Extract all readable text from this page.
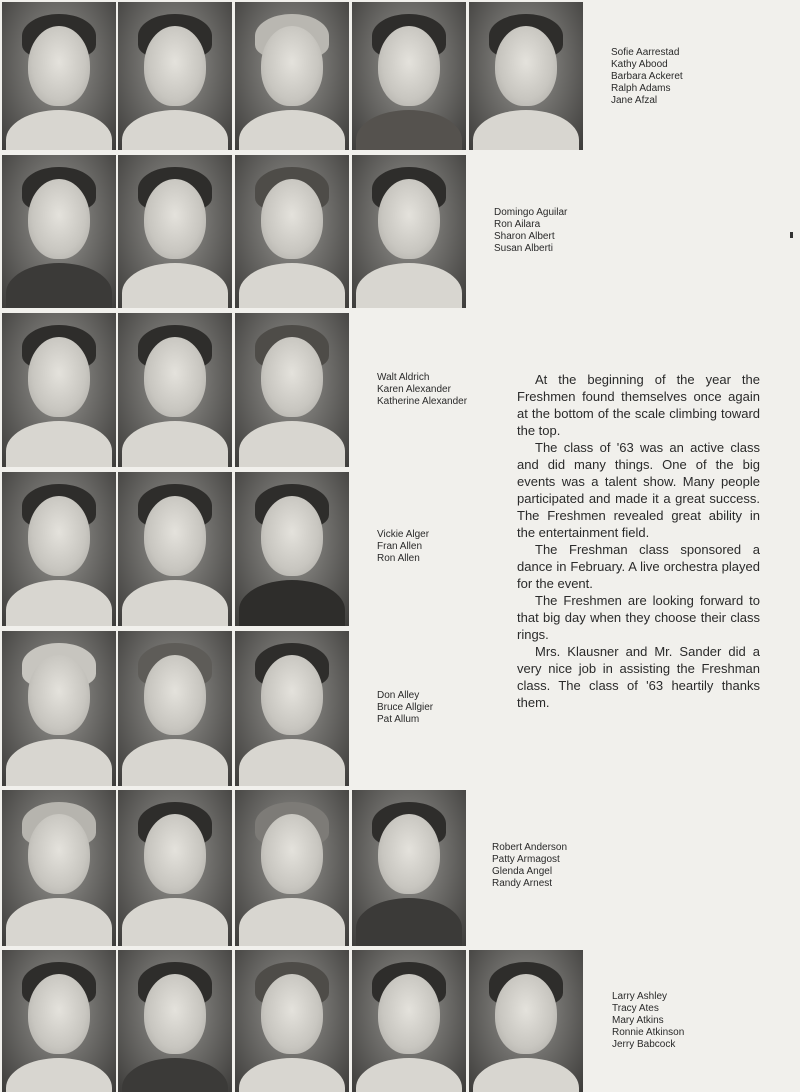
Sofie Aarrestad
Kathy Abood
Barbara Ackeret
Ralph Adams
Jane Afzal
Domingo Aguilar
Ron Ailara
Sharon Albert
Susan Alberti
Walt Aldrich
Karen Alexander
Katherine Alexander
Vickie Alger
Fran Allen
Ron Allen
Don Alley
Bruce Allgier
Pat Allum
Robert Anderson
Patty Armagost
Glenda Angel
Randy Arnest
Larry Ashley
Tracy Ates
Mary Atkins
Ronnie Atkinson
Jerry Babcock

At the beginning of the year the Freshmen found themselves once again at the bottom of the scale climbing toward the top.

The class of '63 was an active class and did many things. One of the big events was a talent show. Many people participated and made it a great success. The Freshmen revealed great ability in the entertainment field.

The Freshman class sponsored a dance in February. A live orchestra played for the event.

The Freshmen are looking forward to that big day when they choose their class rings.

Mrs. Klausner and Mr. Sander did a very nice job in assisting the Freshman class. The class of '63 heartily thanks them.
